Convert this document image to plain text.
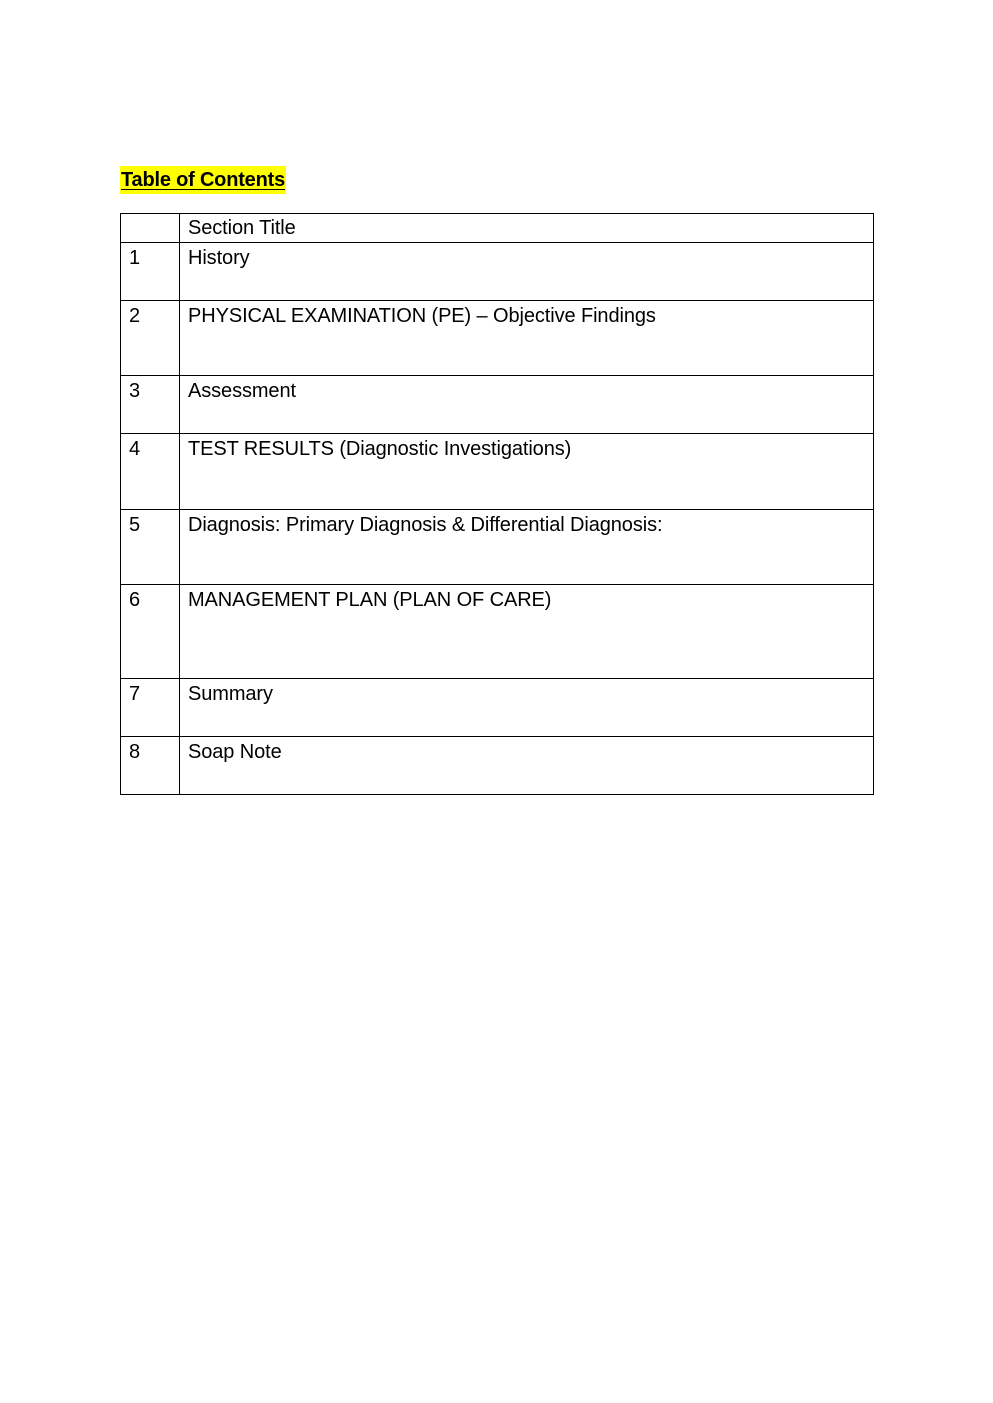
Table of Contents
	Section Title
1	History
2	PHYSICAL EXAMINATION (PE) – Objective Findings
3	Assessment
4	TEST RESULTS (Diagnostic Investigations)
5	Diagnosis: Primary Diagnosis & Differential Diagnosis:
6	MANAGEMENT PLAN (PLAN OF CARE)
7	Summary
8	Soap Note
